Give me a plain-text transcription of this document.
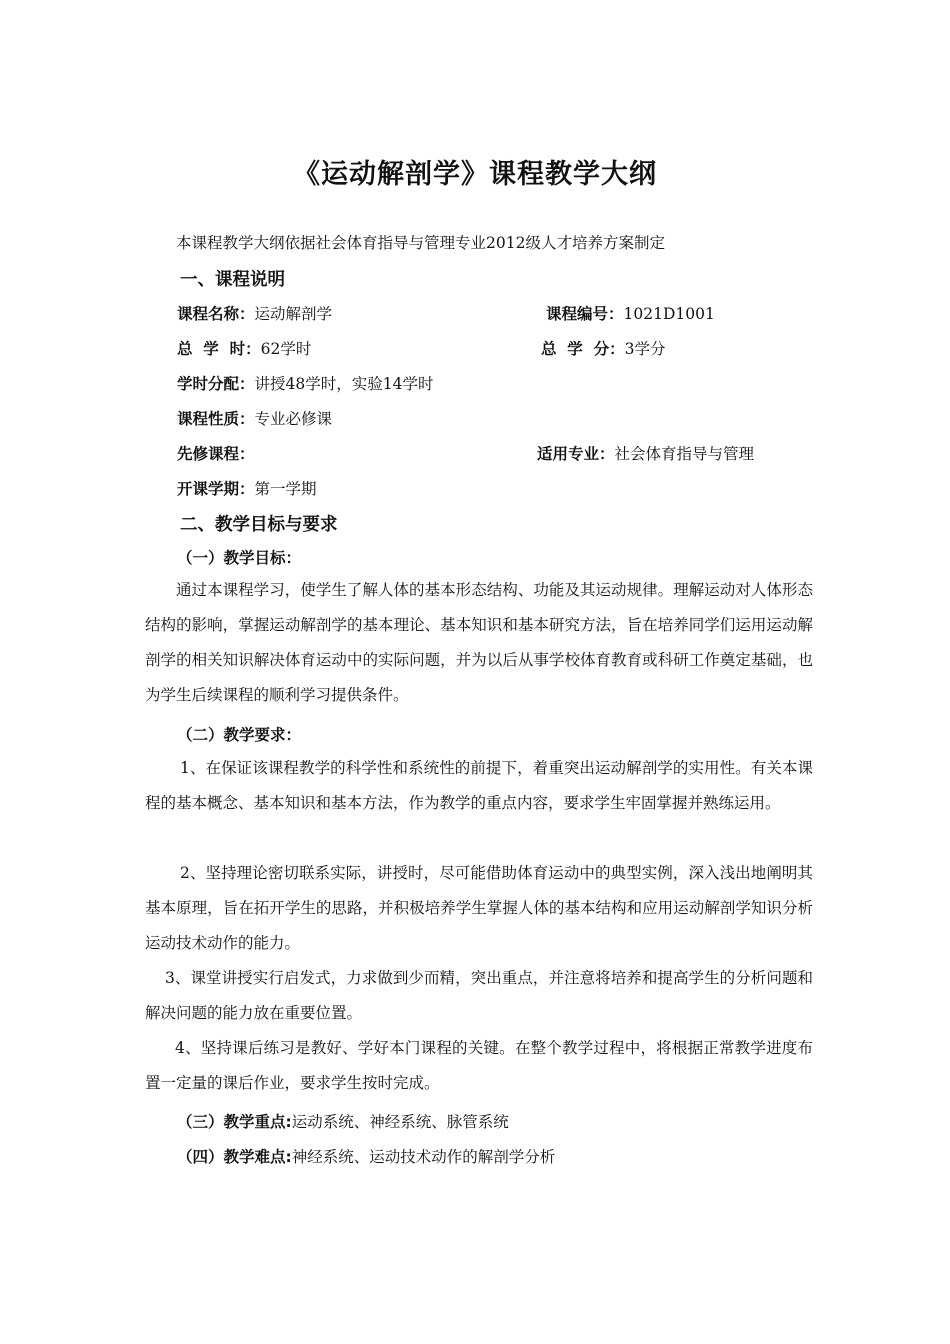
《运动解剖学》课程教学大纲
本课程教学大纲依据社会体育指导与管理专业2012级人才培养方案制定
一、课程说明
课程名称：运动解剖学	课程编号：1021D1001
总  学  时：62学时	总  学  分：3学分
学时分配：讲授48学时，实验14学时
课程性质：专业必修课
先修课程：	适用专业：社会体育指导与管理
开课学期：第一学期
二、教学目标与要求
（一）教学目标：
通过本课程学习，使学生了解人体的基本形态结构、功能及其运动规律。理解运动对人体形态结构的影响，掌握运动解剖学的基本理论、基本知识和基本研究方法，旨在培养同学们运用运动解剖学的相关知识解决体育运动中的实际问题，并为以后从事学校体育教育或科研工作奠定基础，也为学生后续课程的顺利学习提供条件。
（二）教学要求：
1、在保证该课程教学的科学性和系统性的前提下，着重突出运动解剖学的实用性。有关本课程的基本概念、基本知识和基本方法，作为教学的重点内容，要求学生牢固掌握并熟练运用。
2、坚持理论密切联系实际，讲授时，尽可能借助体育运动中的典型实例，深入浅出地阐明其基本原理，旨在拓开学生的思路，并积极培养学生掌握人体的基本结构和应用运动解剖学知识分析运动技术动作的能力。
3、课堂讲授实行启发式，力求做到少而精，突出重点，并注意将培养和提高学生的分析问题和解决问题的能力放在重要位置。
4、坚持课后练习是教好、学好本门课程的关键。在整个教学过程中，将根据正常教学进度布置一定量的课后作业，要求学生按时完成。
（三）教学重点:运动系统、神经系统、脉管系统
（四）教学难点:神经系统、运动技术动作的解剖学分析
